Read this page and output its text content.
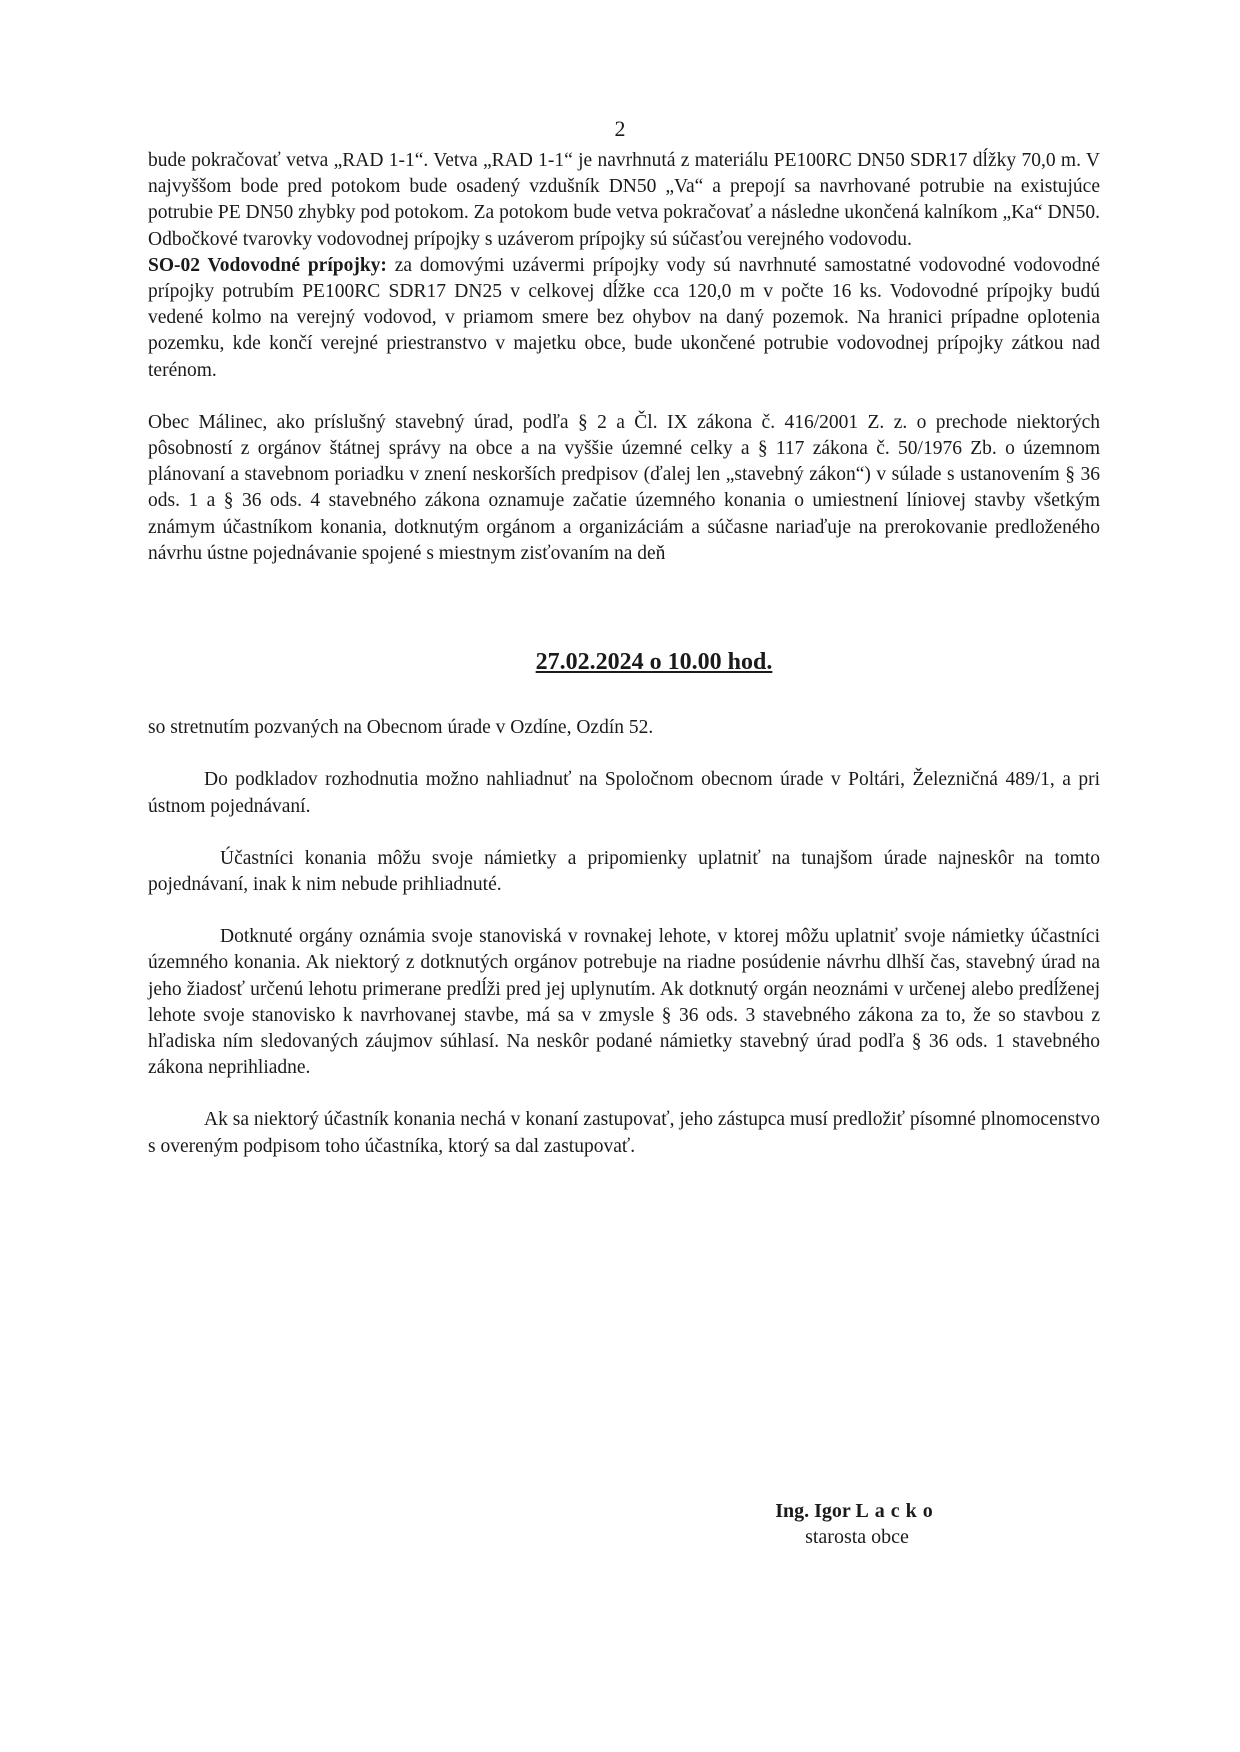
2

bude pokračovať vetva „RAD 1-1“. Vetva „RAD 1-1“ je navrhnutá z materiálu PE100RC DN50 SDR17 dĺžky 70,0 m. V najvyššom bode pred potokom bude osadený vzdušník DN50 „Va“ a prepojí sa navrhované potrubie na existujúce potrubie PE DN50 zhybky pod potokom. Za potokom bude vetva pokračovať a následne ukončená kalníkom „Ka“ DN50. Odbočkové tvarovky vodovodnej prípojky s uzáverom prípojky sú súčasťou verejného vodovodu.

SO-02 Vodovodné prípojky: za domovými uzávermi prípojky vody sú navrhnuté samostatné vodovodné vodovodné prípojky potrubím PE100RC SDR17 DN25 v celkovej dĺžke cca 120,0 m v počte 16 ks. Vodovodné prípojky budú vedené kolmo na verejný vodovod, v priamom smere bez ohybov na daný pozemok. Na hranici prípadne oplotenia pozemku, kde končí verejné priestranstvo v majetku obce, bude ukončené potrubie vodovodnej prípojky zátkou nad terénom.

Obec Málinec, ako príslušný stavebný úrad, podľa § 2 a Čl. IX zákona č. 416/2001 Z. z. o prechode niektorých pôsobností z orgánov štátnej správy na obce a na vyššie územné celky a § 117 zákona č. 50/1976 Zb. o územnom plánovaní a stavebnom poriadku v znení neskorších predpisov (ďalej len „stavebný zákon“) v súlade s ustanovením § 36 ods. 1 a § 36 ods. 4 stavebného zákona oznamuje začatie územného konania o umiestnení líniovej stavby všetkým známym účastníkom konania, dotknutým orgánom a organizáciám a súčasne nariaďuje na prerokovanie predloženého návrhu ústne pojednávanie spojené s miestnym zisťovaním na deň

27.02.2024 o 10.00 hod.

so stretnutím pozvaných na Obecnom úrade v Ozdíne, Ozdín 52.

Do podkladov rozhodnutia možno nahliadnuť na Spoločnom obecnom úrade v Poltári, Železničná 489/1, a pri ústnom pojednávaní.

Účastníci konania môžu svoje námietky a pripomienky uplatniť na tunajšom úrade najneskôr na tomto pojednávaní, inak k nim nebude prihliadnuté.

Dotknuté orgány oznámia svoje stanoviská v rovnakej lehote, v ktorej môžu uplatniť svoje námietky účastníci územného konania. Ak niektorý z dotknutých orgánov potrebuje na riadne posúdenie návrhu dlhší čas, stavebný úrad na jeho žiadosť určenú lehotu primerane predĺži pred jej uplynutím. Ak dotknutý orgán neoznámi v určenej alebo predĺženej lehote svoje stanovisko k navrhovanej stavbe, má sa v zmysle § 36 ods. 3 stavebného zákona za to, že so stavbou z hľadiska ním sledovaných záujmov súhlasí. Na neskôr podané námietky stavebný úrad podľa § 36 ods. 1 stavebného zákona neprihliadne.

Ak sa niektorý účastník konania nechá v konaní zastupovať, jeho zástupca musí predložiť písomné plnomocenstvo s overeným podpisom toho účastníka, ktorý sa dal zastupovať.

Ing. Igor Lacko
starosta obce
